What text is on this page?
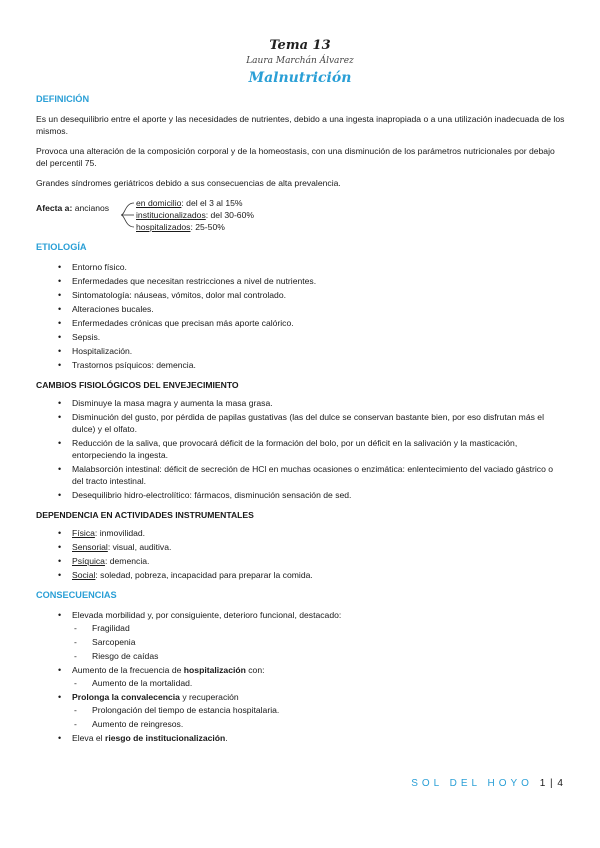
Tema 13
Laura Marchán Álvarez
Malnutrición
DEFINICIÓN

Es un desequilibrio entre el aporte y las necesidades de nutrientes, debido a una ingesta inapropiada o a una utilización inadecuada de los mismos.

Provoca una alteración de la composición corporal y de la homeostasis, con una disminución de los parámetros nutricionales por debajo del percentil 75.

Grandes síndromes geriátricos debido a sus consecuencias de alta prevalencia.

Afecta a: ancianos	en domicilio: del el 3 al 15%
institucionalizados: del 30-60%
hospitalizados: 25-50%
ETIOLOGÍA
• Entorno físico.
• Enfermedades que necesitan restricciones a nivel de nutrientes.
• Sintomatología: náuseas, vómitos, dolor mal controlado.
• Alteraciones bucales.
• Enfermedades crónicas que precisan más aporte calórico.
• Sepsis.
• Hospitalización.
• Trastornos psíquicos: demencia.
CAMBIOS FISIOLÓGICOS DEL ENVEJECIMIENTO
• Disminuye la masa magra y aumenta la masa grasa.
• Disminución del gusto, por pérdida de papilas gustativas (las del dulce se conservan bastante bien, por eso disfrutan más el dulce) y el olfato.
• Reducción de la saliva, que provocará déficit de la formación del bolo, por un déficit en la salivación y la masticación, entorpeciendo la ingesta.
• Malabsorción intestinal: déficit de secreción de HCl en muchas ocasiones o enzimática: enlentecimiento del vaciado gástrico o del tracto intestinal.
• Desequilibrio hidro-electrolítico: fármacos, disminución sensación de sed.
DEPENDENCIA EN ACTIVIDADES INSTRUMENTALES
• Física: inmovilidad.
• Sensorial: visual, auditiva.
• Psíquica: demencia.
• Social: soledad, pobreza, incapacidad para preparar la comida.
CONSECUENCIAS
• Elevada morbilidad y, por consiguiente, deterioro funcional, destacado:
- Fragilidad
- Sarcopenia
- Riesgo de caídas
• Aumento de la frecuencia de hospitalización con:
- Aumento de la mortalidad.
• Prolonga la convalecencia y recuperación
- Prolongación del tiempo de estancia hospitalaria.
- Aumento de reingresos.
• Eleva el riesgo de institucionalización.
SOL DEL HOYO 1 | 4
